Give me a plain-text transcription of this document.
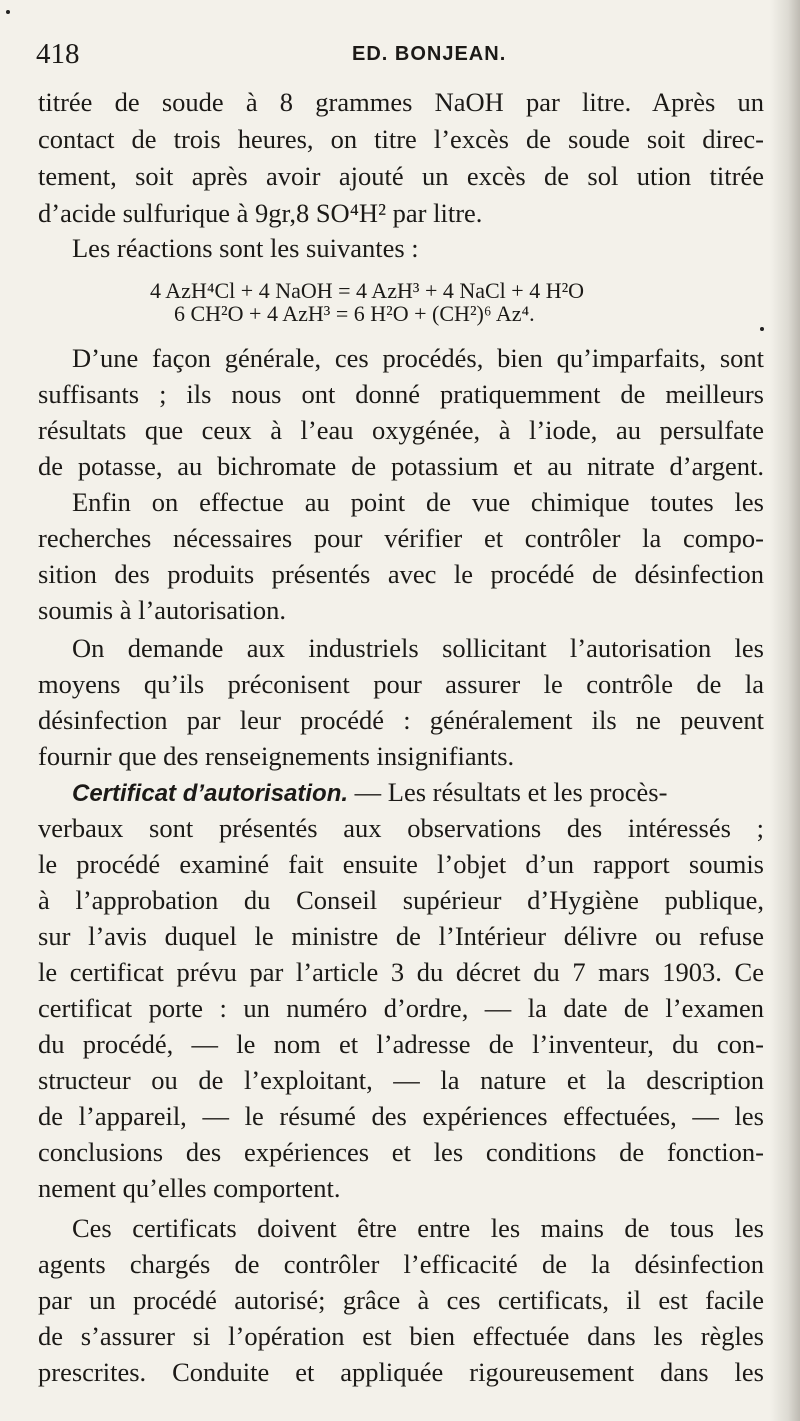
418	ED. BONJEAN.
titrée de soude à 8 grammes NaOH par litre. Après un
contact de trois heures, on titre l’excès de soude soit direc-
tement, soit après avoir ajouté un excès de sol ution titrée
d’acide sulfurique à 9gr,8 SO⁴H² par litre.
Les réactions sont les suivantes :
4 AzH⁴Cl + 4 NaOH = 4 AzH³ + 4 NaCl + 4 H²O
6 CH²O + 4 AzH³ = 6 H²O + (CH²)⁶ Az⁴.
D’une façon générale, ces procédés, bien qu’imparfaits, sont
suffisants ; ils nous ont donné pratiquemment de meilleurs
résultats que ceux à l’eau oxygénée, à l’iode, au persulfate
de potasse, au bichromate de potassium et au nitrate d’argent.
Enfin on effectue au point de vue chimique toutes les
recherches nécessaires pour vérifier et contrôler la compo-
sition des produits présentés avec le procédé de désinfection
soumis à l’autorisation.
On demande aux industriels sollicitant l’autorisation les
moyens qu’ils préconisent pour assurer le contrôle de la
désinfection par leur procédé : généralement ils ne peuvent
fournir que des renseignements insignifiants.
Certificat d’autorisation. — Les résultats et les procès-
verbaux sont présentés aux observations des intéressés ;
le procédé examiné fait ensuite l’objet d’un rapport soumis
à l’approbation du Conseil supérieur d’Hygiène publique,
sur l’avis duquel le ministre de l’Intérieur délivre ou refuse
le certificat prévu par l’article 3 du décret du 7 mars 1903. Ce
certificat porte : un numéro d’ordre, — la date de l’examen
du procédé, — le nom et l’adresse de l’inventeur, du con-
structeur ou de l’exploitant, — la nature et la description
de l’appareil, — le résumé des expériences effectuées, — les
conclusions des expériences et les conditions de fonction-
nement qu’elles comportent.
Ces certificats doivent être entre les mains de tous les
agents chargés de contrôler l’efficacité de la désinfection
par un procédé autorisé; grâce à ces certificats, il est facile
de s’assurer si l’opération est bien effectuée dans les règles
prescrites. Conduite et appliquée rigoureusement dans les
